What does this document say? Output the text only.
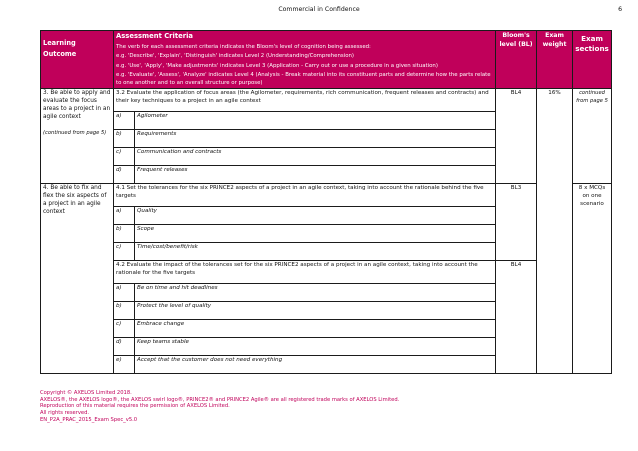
Commercial in Confidence	6
Learning Outcome	Assessment Criteria
The verb for each assessment criteria indicates the Bloom's level of cognition being assessed:
e.g. 'Describe', 'Explain', 'Distinguish' indicates Level 2 (Understanding/Comprehension)
e.g. 'Use', 'Apply', 'Make adjustments' indicates Level 3 (Application - Carry out or use a procedure in a given situation)
e.g. 'Evaluate', 'Assess', 'Analyze' indicates Level 4 (Analysis - Break material into its constituent parts and determine how the parts relate to one another and to an overall structure or purpose)		Bloom's level (BL)	Exam weight	Exam sections

3. Be able to apply and evaluate the focus areas to a project in an agile context
(continued from page 5)	3.2 Evaluate the application of focus areas (the Agilometer, requirements, rich communication, frequent releases and contracts) and their key techniques to a project in an agile context		BL4	16%	continued from page 5

	a)	Agilometer			
	b)	Requirements			
	c)	Communication and contracts			
	d)	Frequent releases			

4. Be able to fix and flex the six aspects of a project in an agile context	4.1 Set the tolerances for the six PRINCE2 aspects of a project in an agile context, taking into account the rationale behind the five targets		BL3		8 x MCQs on one scenario
	a)	Quality			
	b)	Scope			
	c)	Time/cost/benefit/risk			
	4.2 Evaluate the impact of the tolerances set for the six PRINCE2 aspects of a project in an agile context, taking into account the rationale for the five targets		BL4		
	a)	Be on time and hit deadlines			
	b)	Protect the level of quality			
	c)	Embrace change			
	d)	Keep teams stable			
	e)	Accept that the customer does not need everything			
Copyright © AXELOS Limited 2018.
AXELOS®, the AXELOS logo®, the AXELOS swirl logo®, PRINCE2® and PRINCE2 Agile® are all registered trade marks of AXELOS Limited.
Reproduction of this material requires the permission of AXELOS Limited.
All rights reserved.
EN_P2A_PRAC_2015_Exam Spec_v5.0
